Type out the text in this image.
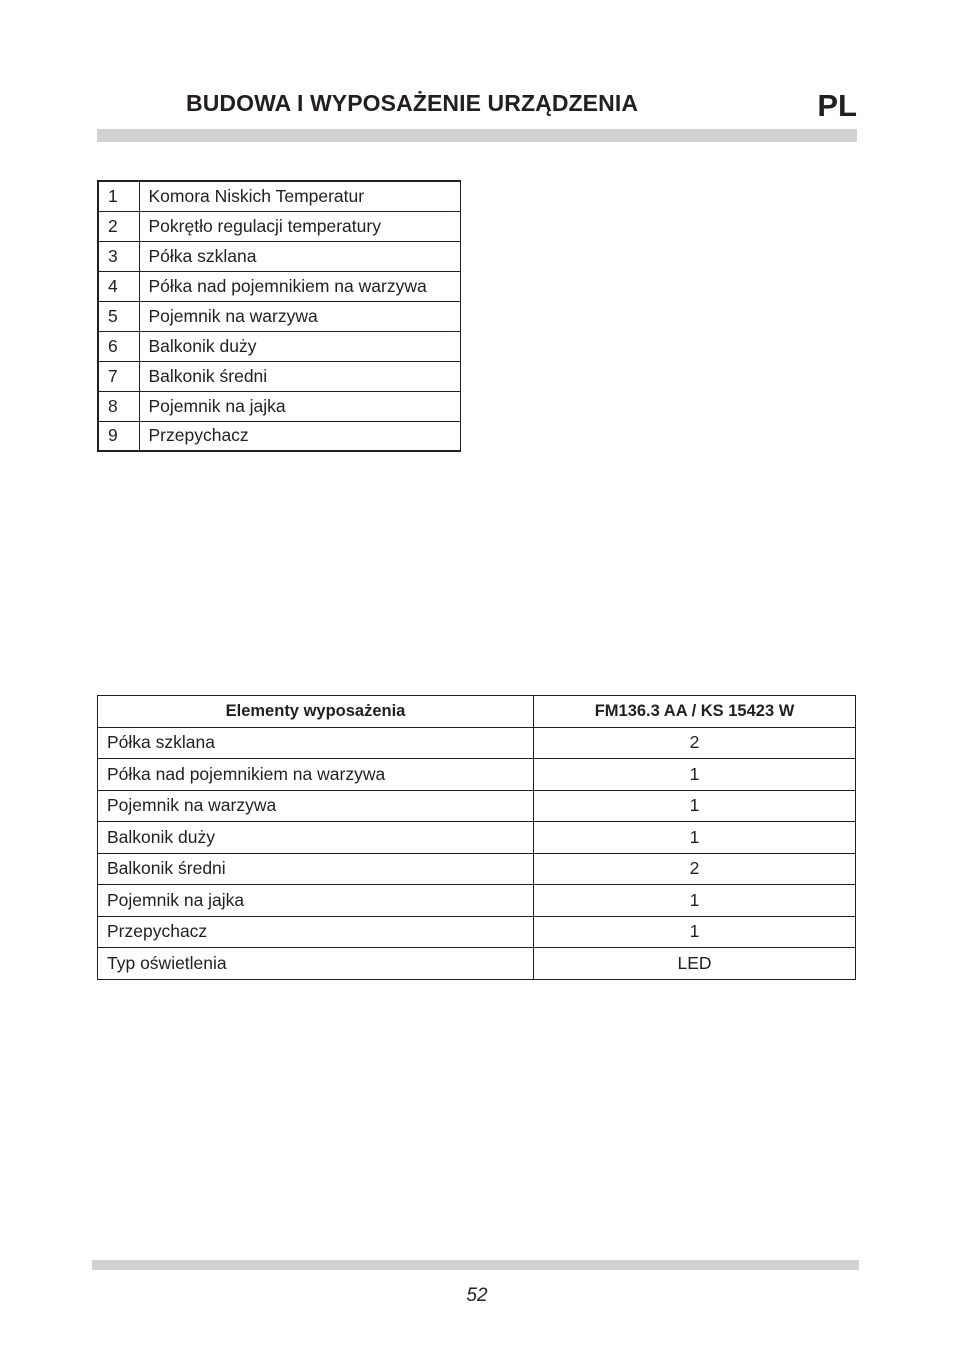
BUDOWA I WYPOSAŻENIE URZĄDZENIA	PL
1	Komora Niskich Temperatur
2	Pokrętło regulacji temperatury
3	Półka szklana
4	Półka nad pojemnikiem na warzywa
5	Pojemnik na warzywa
6	Balkonik duży
7	Balkonik średni
8	Pojemnik na jajka
9	Przepychacz
Elementy wyposażenia	FM136.3 AA / KS 15423 W
Półka szklana	2
Półka nad pojemnikiem na warzywa	1
Pojemnik na warzywa	1
Balkonik duży	1
Balkonik średni	2
Pojemnik na jajka	1
Przepychacz	1
Typ oświetlenia	LED
52
